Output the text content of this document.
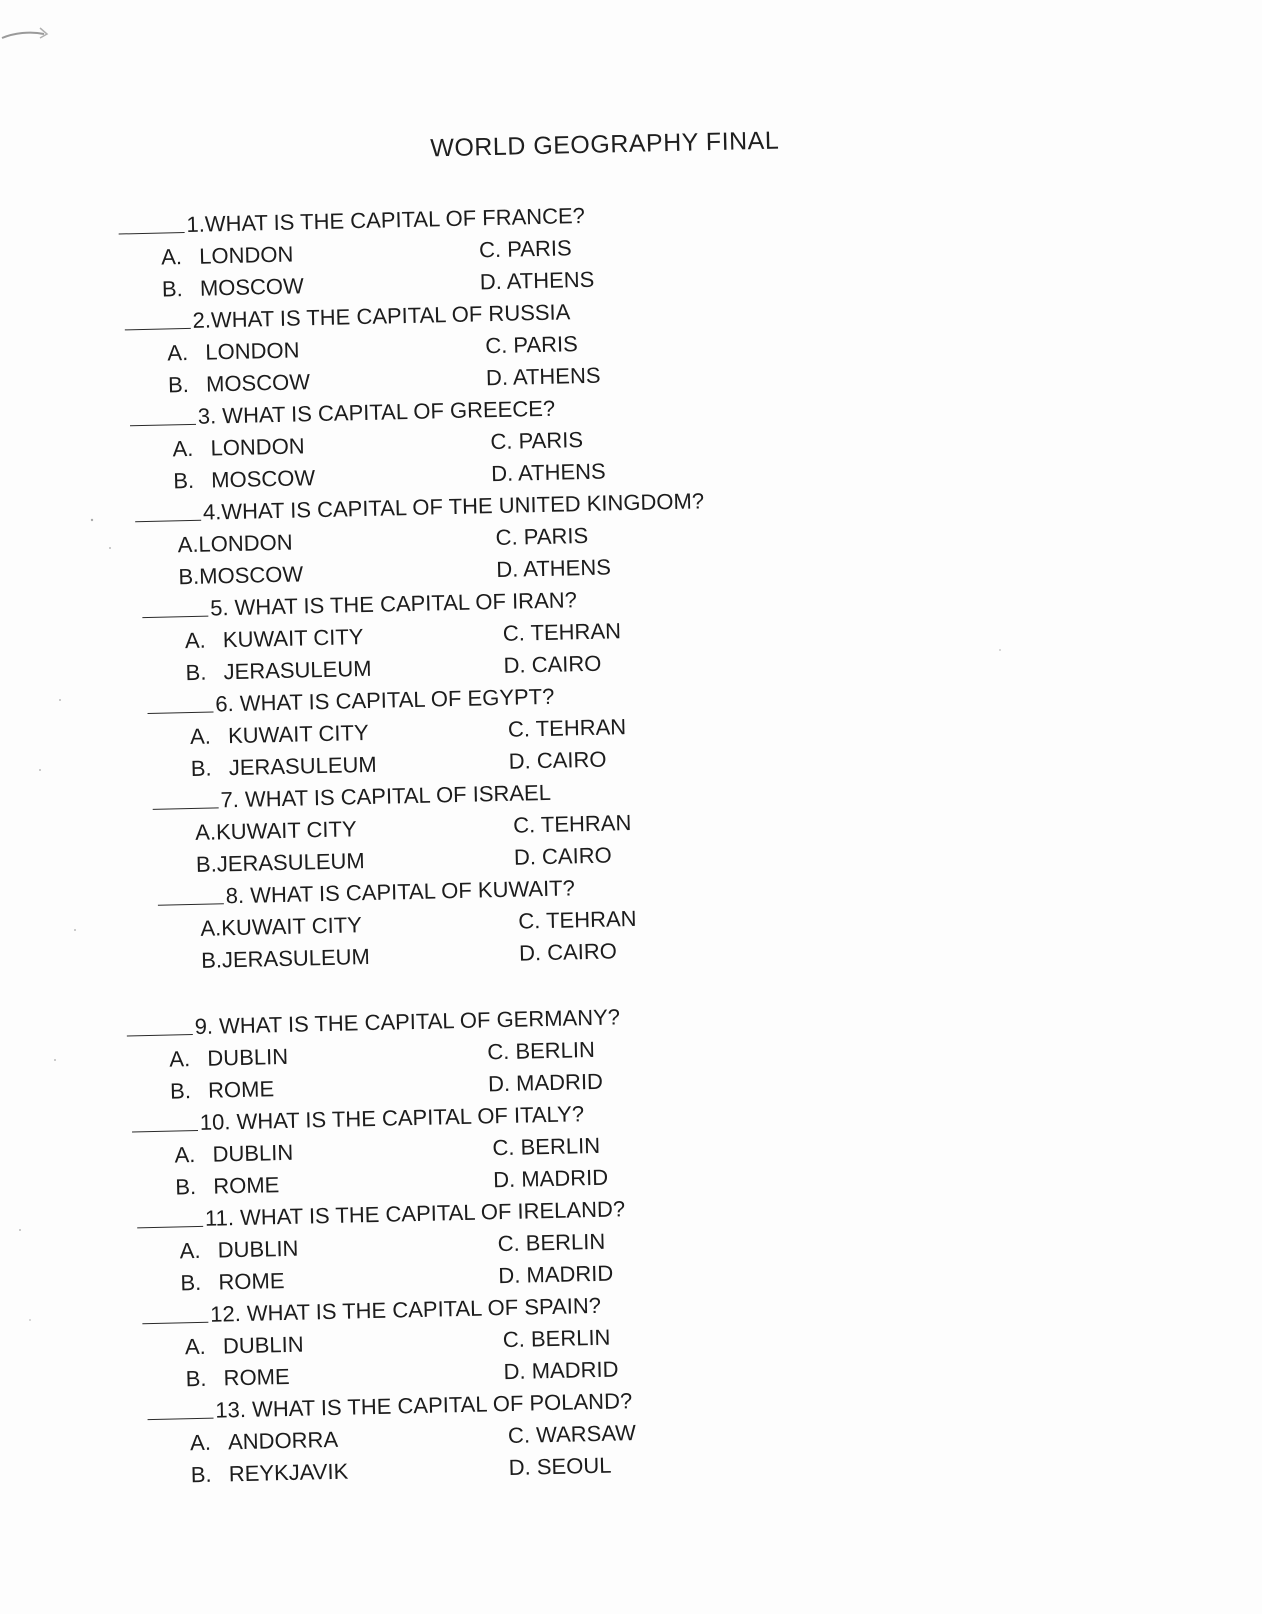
WORLD GEOGRAPHY FINAL
1.WHAT IS THE CAPITAL OF FRANCE?
A. LONDON
B. MOSCOW
C. PARIS
D. ATHENS
2.WHAT IS THE CAPITAL OF RUSSIA
A. LONDON
B. MOSCOW
C. PARIS
D. ATHENS
3. WHAT IS CAPITAL OF GREECE?
A. LONDON
B. MOSCOW
C. PARIS
D. ATHENS
4.WHAT IS CAPITAL OF THE UNITED KINGDOM?
A.LONDON
B.MOSCOW
C. PARIS
D. ATHENS
5. WHAT IS THE CAPITAL OF IRAN?
A. KUWAIT CITY
B. JERASULEUM
C. TEHRAN
D. CAIRO
6. WHAT IS CAPITAL OF EGYPT?
A. KUWAIT CITY
B. JERASULEUM
C. TEHRAN
D. CAIRO
7. WHAT IS CAPITAL OF ISRAEL
A.KUWAIT CITY
B.JERASULEUM
C. TEHRAN
D. CAIRO
8. WHAT IS CAPITAL OF KUWAIT?
A.KUWAIT CITY
B.JERASULEUM
C. TEHRAN
D. CAIRO
9. WHAT IS THE CAPITAL OF GERMANY?
A. DUBLIN
B. ROME
C. BERLIN
D. MADRID
10. WHAT IS THE CAPITAL OF ITALY?
A. DUBLIN
B. ROME
C. BERLIN
D. MADRID
11. WHAT IS THE CAPITAL OF IRELAND?
A. DUBLIN
B. ROME
C. BERLIN
D. MADRID
12. WHAT IS THE CAPITAL OF SPAIN?
A. DUBLIN
B. ROME
C. BERLIN
D. MADRID
13. WHAT IS THE CAPITAL OF POLAND?
A. ANDORRA
B. REYKJAVIK
C. WARSAW
D. SEOUL
